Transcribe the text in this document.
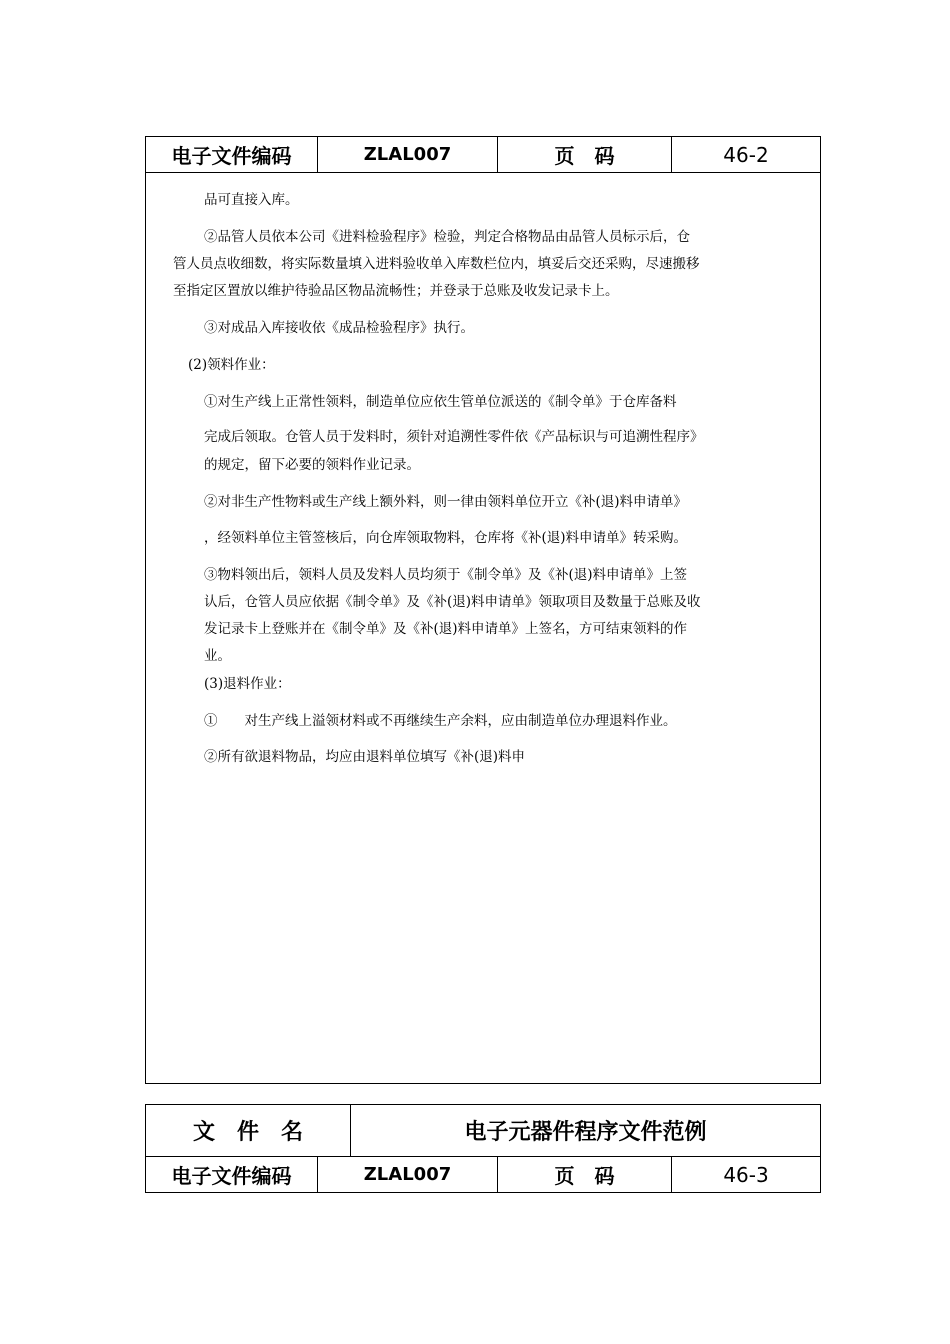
电子文件编码	ZLAL007	页　码	46-2
品可直接入库。
②品管人员依本公司《进料检验程序》检验，判定合格物品由品管人员标示后，仓
管人员点收细数，将实际数量填入进料验收单入库数栏位内，填妥后交还采购，尽速搬移
至指定区置放以维护待验品区物品流畅性；并登录于总账及收发记录卡上。
③对成品入库接收依《成品检验程序》执行。
(2)领料作业：
①对生产线上正常性领料，制造单位应依生管单位派送的《制令单》于仓库备料
完成后领取。仓管人员于发料时，须针对追溯性零件依《产品标识与可追溯性程序》
的规定，留下必要的领料作业记录。
②对非生产性物料或生产线上额外料，则一律由领料单位开立《补(退)料申请单》
，经领料单位主管签核后，向仓库领取物料，仓库将《补(退)料申请单》转采购。
③物料领出后，领料人员及发料人员均须于《制令单》及《补(退)料申请单》上签
认后，仓管人员应依据《制令单》及《补(退)料申请单》领取项目及数量于总账及收
发记录卡上登账并在《制令单》及《补(退)料申请单》上签名，方可结束领料的作
业。
(3)退料作业：
①　　对生产线上溢领材料或不再继续生产余料，应由制造单位办理退料作业。
②所有欲退料物品，均应由退料单位填写《补(退)料申
文　件　名		电子元器件程序文件范例		
电子文件编码	ZLAL007		页　码	46-3
